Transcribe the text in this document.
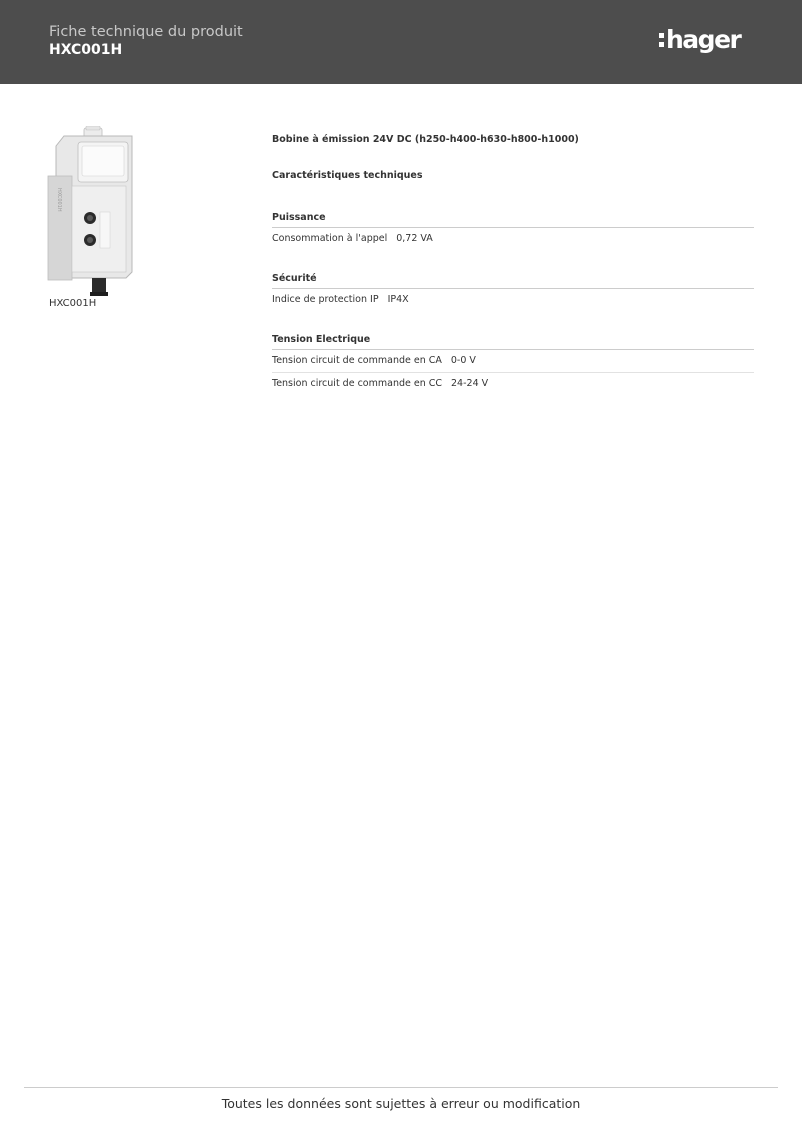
Fiche technique du produit
HXC001H	hager
HXC001H
HXC001H
Bobine à émission 24V DC (h250-h400-h630-h800-h1000)
Caractéristiques techniques
Puissance
Consommation à l'appel 0,72 VA
Sécurité
Indice de protection IP IP4X
Tension Electrique
Tension circuit de commande en CA 0-0 V
Tension circuit de commande en CC 24-24 V
Toutes les données sont sujettes à erreur ou modification
